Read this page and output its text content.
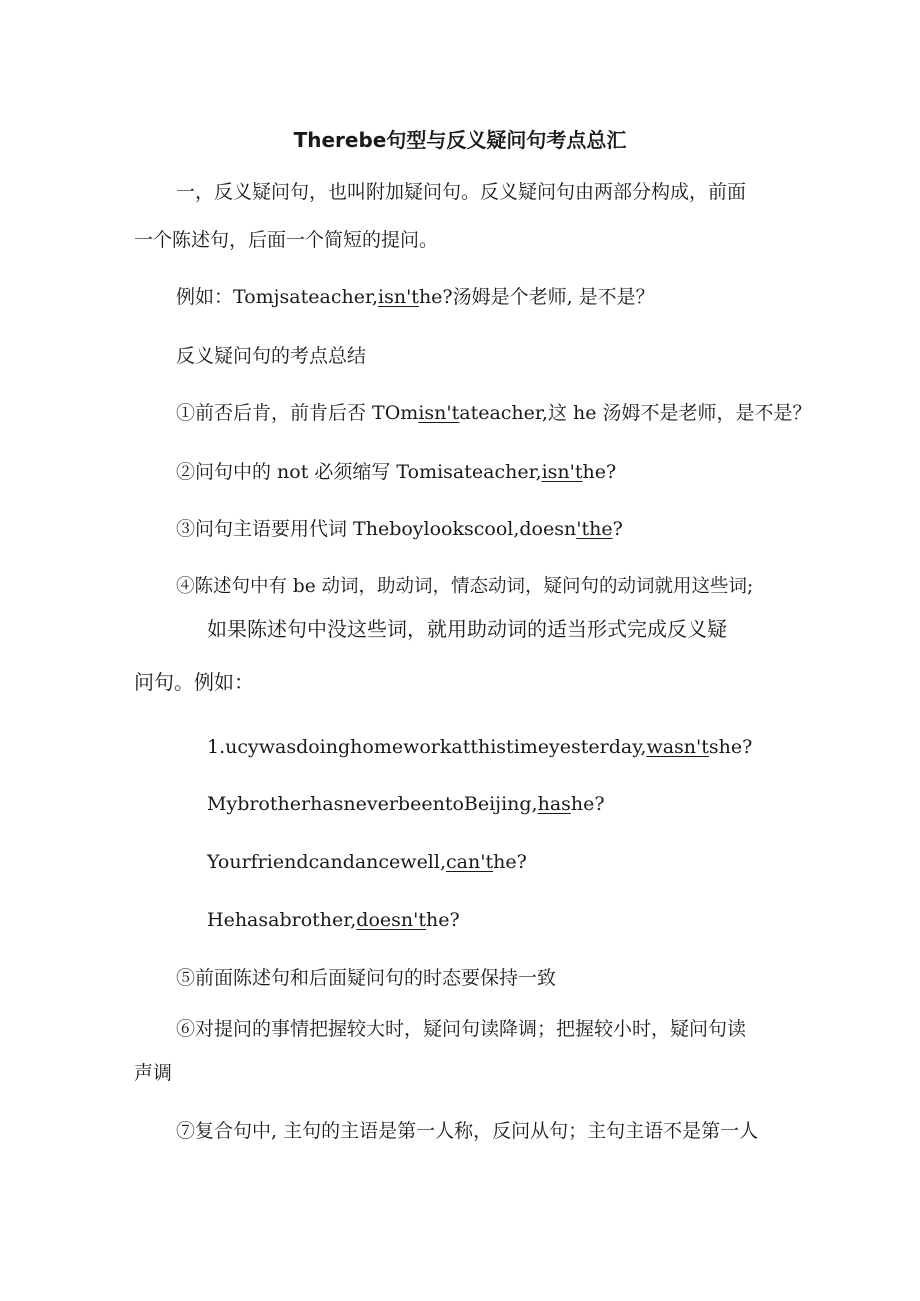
Therebe句型与反义疑问句考点总汇
一，反义疑问句，也叫附加疑问句。反义疑问句由两部分构成，前面
一个陈述句，后面一个简短的提问。
例如：Tomjsateacher,isn'the?汤姆是个老师, 是不是？
反义疑问句的考点总结
①前否后肯，前肯后否 TOmisn'tateacher,这 he 汤姆不是老师，是不是？
②问句中的 not 必须缩写 Tomisateacher,isn'the?
③问句主语要用代词 Theboylookscool,doesn'the?
④陈述句中有 be 动词，助动词，情态动词，疑问句的动词就用这些词;
如果陈述句中没这些词，就用助动词的适当形式完成反义疑
问句。例如：
1.ucywasdoinghomeworkatthistimeyesterday,wasn'tshe?
MybrotherhasneverbeentoBeijing,hashe?
Yourfriendcandancewell,can'the?
Hehasabrother,doesn'the?
⑤前面陈述句和后面疑问句的时态要保持一致
⑥对提问的事情把握较大时，疑问句读降调；把握较小时，疑问句读
声调
⑦复合句中, 主句的主语是第一人称，反问从句；主句主语不是第一人
